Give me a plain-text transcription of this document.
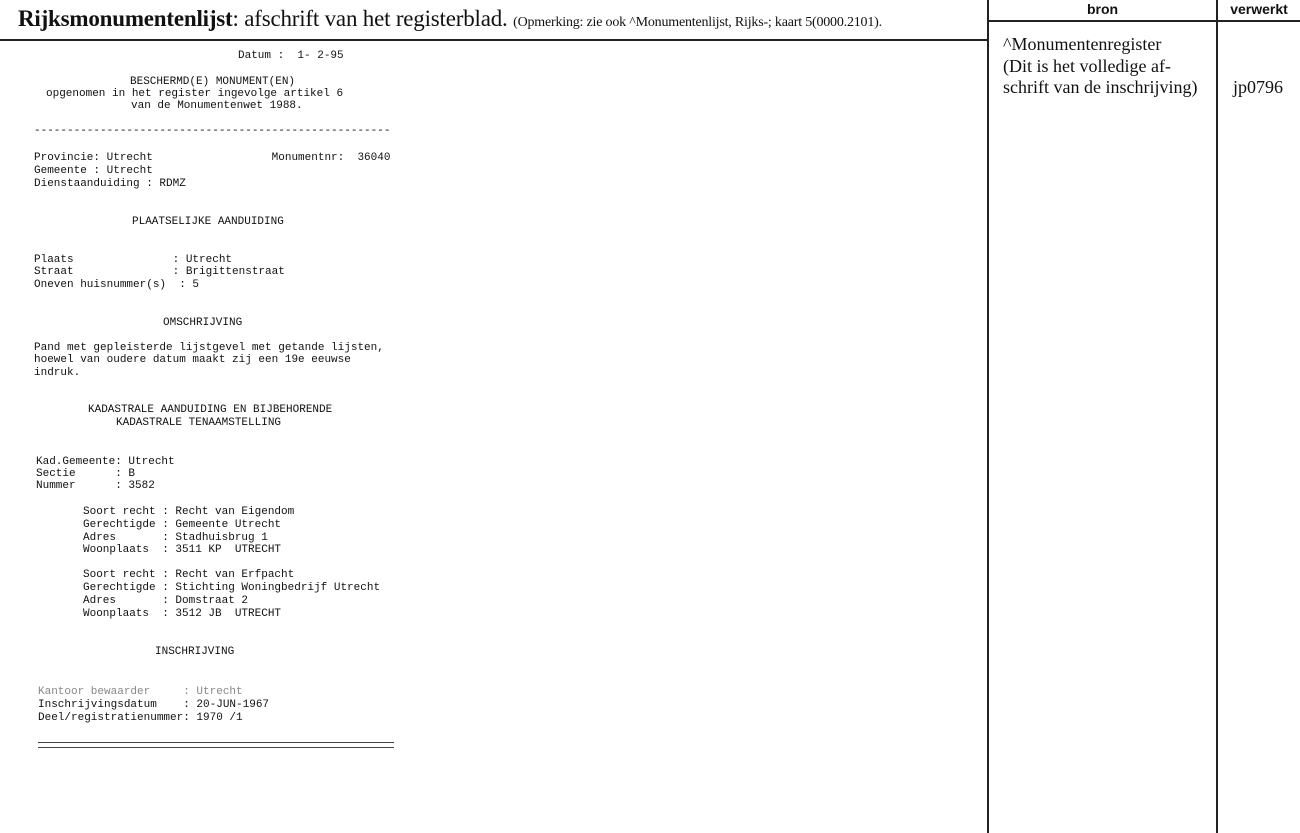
Rijksmonumentenlijst: afschrift van het registerblad. (Opmerking: zie ook ^Monumentenlijst, Rijks-; kaart 5(0000.2101).
bron	verwerkt
^Monumentenregister
(Dit is het volledige af-
schrift van de inschrijving) jp0796
Datum :  1- 2-95
BESCHERMD(E) MONUMENT(EN)
opgenomen in het register ingevolge artikel 6
van de Monumentenwet 1988.
------------------------------------------------------
Provincie: Utrecht                  Monumentnr:  36040
Gemeente : Utrecht
Dienstaanduiding : RDMZ
PLAATSELIJKE AANDUIDING
Plaats               : Utrecht
Straat               : Brigittenstraat
Oneven huisnummer(s)  : 5
OMSCHRIJVING
Pand met gepleisterde lijstgevel met getande lijsten,
hoewel van oudere datum maakt zij een 19e eeuwse
indruk.
KADASTRALE AANDUIDING EN BIJBEHORENDE
KADASTRALE TENAAMSTELLING
Kad.Gemeente: Utrecht
Sectie      : B
Nummer      : 3582
Soort recht : Recht van Eigendom
Gerechtigde : Gemeente Utrecht
Adres       : Stadhuisbrug 1
Woonplaats  : 3511 KP  UTRECHT
Soort recht : Recht van Erfpacht
Gerechtigde : Stichting Woningbedrijf Utrecht
Adres       : Domstraat 2
Woonplaats  : 3512 JB  UTRECHT
INSCHRIJVING
Kantoor bewaarder     : Utrecht
Inschrijvingsdatum    : 20-JUN-1967
Deel/registratienummer: 1970 /1
